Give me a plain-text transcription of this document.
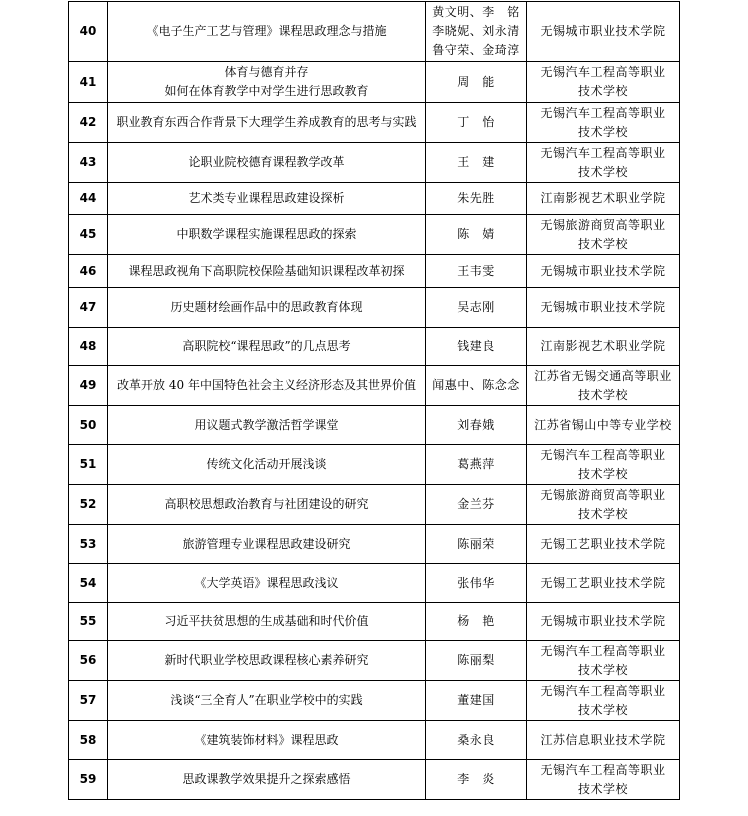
40	《电子生产工艺与管理》课程思政理念与措施	黄文明、李　铭
李晓妮、刘永清
鲁守荣、金琦淳	无锡城市职业技术学院

41	体育与德育并存
如何在体育教学中对学生进行思政教育	周　能	无锡汽车工程高等职业
技术学校

42	职业教育东西合作背景下大理学生养成教育的思考与实践	丁　怡	无锡汽车工程高等职业
技术学校

43	论职业院校德育课程教学改革	王　建	无锡汽车工程高等职业
技术学校

44	艺术类专业课程思政建设探析	朱先胜	江南影视艺术职业学院

45	中职数学课程实施课程思政的探索	陈　婧	无锡旅游商贸高等职业
技术学校

46	课程思政视角下高职院校保险基础知识课程改革初探	王韦雯	无锡城市职业技术学院

47	历史题材绘画作品中的思政教育体现	吴志刚	无锡城市职业技术学院

48	高职院校“课程思政”的几点思考	钱建良	江南影视艺术职业学院

49	改革开放 40 年中国特色社会主义经济形态及其世界价值	闻惠中、陈念念	江苏省无锡交通高等职业
技术学校

50	用议题式教学激活哲学课堂	刘春娥	江苏省锡山中等专业学校

51	传统文化活动开展浅谈	葛燕萍	无锡汽车工程高等职业
技术学校

52	高职校思想政治教育与社团建设的研究	金兰芬	无锡旅游商贸高等职业
技术学校

53	旅游管理专业课程思政建设研究	陈丽荣	无锡工艺职业技术学院

54	《大学英语》课程思政浅议	张伟华	无锡工艺职业技术学院

55	习近平扶贫思想的生成基础和时代价值	杨　艳	无锡城市职业技术学院

56	新时代职业学校思政课程核心素养研究	陈丽梨	无锡汽车工程高等职业
技术学校

57	浅谈“三全育人”在职业学校中的实践	董建国	无锡汽车工程高等职业
技术学校

58	《建筑装饰材料》课程思政	桑永良	江苏信息职业技术学院

59	思政课教学效果提升之探索感悟	李　炎	无锡汽车工程高等职业
技术学校
